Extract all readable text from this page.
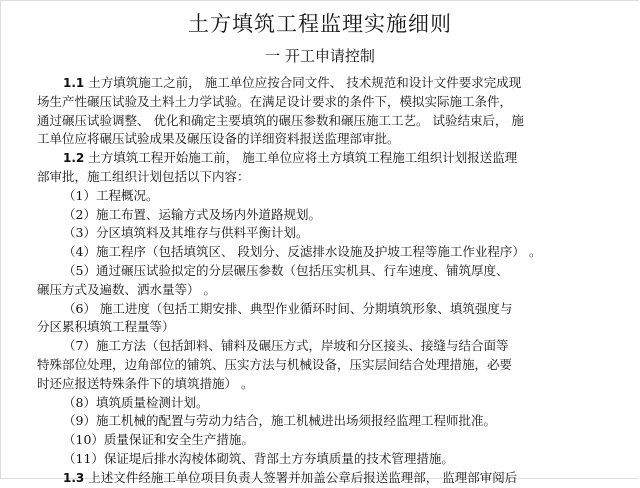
土方填筑工程监理实施细则
一 开工申请控制
1.1 土方填筑施工之前， 施工单位应按合同文件、 技术规范和设计文件要求完成现
场生产性碾压试验及土料土力学试验。在满足设计要求的条件下，模拟实际施工条件，
通过碾压试验调整、 优化和确定主要填筑的碾压参数和碾压施工工艺。 试验结束后， 施
工单位应将碾压试验成果及碾压设备的详细资料报送监理部审批。
1.2 土方填筑工程开始施工前， 施工单位应将土方填筑工程施工组织计划报送监理
部审批，施工组织计划包括以下内容：
（1）工程概况。
（2）施工布置、运输方式及场内外道路规划。
（3）分区填筑料及其堆存与供料平衡计划。
（4）施工程序（包括填筑区、 段划分、反滤排水设施及护坡工程等施工作业程序） 。
（5）通过碾压试验拟定的分层碾压参数（包括压实机具、行车速度、铺筑厚度、
碾压方式及遍数、洒水量等） 。
（6） 施工进度（包括工期安排、典型作业循环时间、分期填筑形象、填筑强度与
分区累积填筑工程量等）
（7）施工方法（包括卸料、铺料及碾压方式，岸坡和分区接头、接缝与结合面等
特殊部位处理，边角部位的铺筑、压实方法与机械设备，压实层间结合处理措施，必要
时还应报送特殊条件下的填筑措施） 。
（8）填筑质量检测计划。
（9）施工机械的配置与劳动力结合，施工机械进出场须报经监理工程师批准。
（10）质量保证和安全生产措施。
（11）保证堤后排水沟棱体砌筑、背部土方夯填质量的技术管理措施。
1.3 上述文件经施工单位项目负责人签署并加盖公章后报送监理部， 监理部审阅后
